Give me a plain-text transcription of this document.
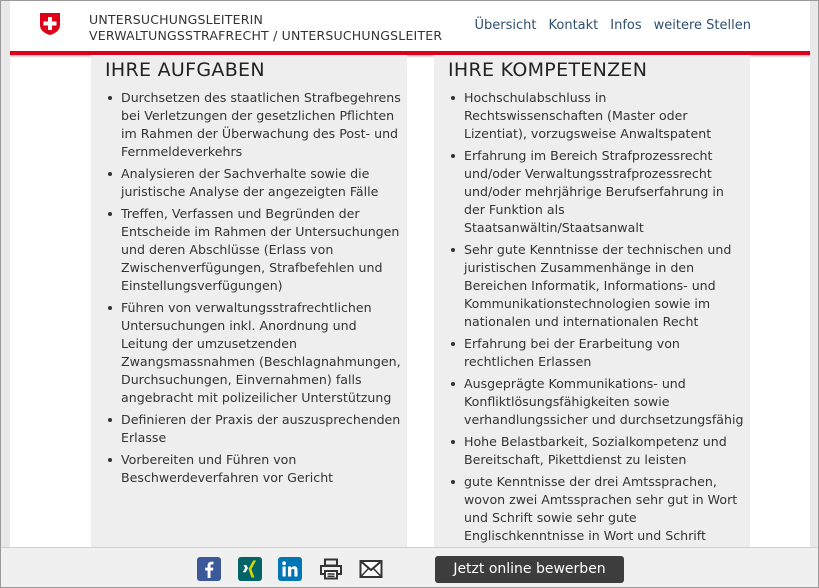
UNTERSUCHUNGSLEITERIN
VERWALTUNGSSTRAFRECHT / UNTERSUCHUNGSLEITER
Übersicht Kontakt Infos weitere Stellen
IHRE AUFGABEN
Durchsetzen des staatlichen Strafbegehrens bei Verletzungen der gesetzlichen Pflichten im Rahmen der Überwachung des Post- und Fernmeldeverkehrs
Analysieren der Sachverhalte sowie die juristische Analyse der angezeigten Fälle
Treffen, Verfassen und Begründen der Entscheide im Rahmen der Untersuchungen und deren Abschlüsse (Erlass von Zwischenverfügungen, Strafbefehlen und Einstellungsverfügungen)
Führen von verwaltungsstrafrechtlichen Untersuchungen inkl. Anordnung und Leitung der umzusetzenden Zwangsmassnahmen (Beschlagnahmungen, Durchsuchungen, Einvernahmen) falls angebracht mit polizeilicher Unterstützung
Definieren der Praxis der auszusprechenden Erlasse
Vorbereiten und Führen von Beschwerdeverfahren vor Gericht
IHRE KOMPETENZEN
Hochschulabschluss in Rechtswissenschaften (Master oder Lizentiat), vorzugsweise Anwaltspatent
Erfahrung im Bereich Strafprozessrecht und/oder Verwaltungsstrafprozessrecht und/oder mehrjährige Berufserfahrung in der Funktion als Staatsanwältin/Staatsanwalt
Sehr gute Kenntnisse der technischen und juristischen Zusammenhänge in den Bereichen Informatik, Informations- und Kommunikationstechnologien sowie im nationalen und internationalen Recht
Erfahrung bei der Erarbeitung von rechtlichen Erlassen
Ausgeprägte Kommunikations- und Konfliktlösungsfähigkeiten sowie verhandlungssicher und durchsetzungsfähig
Hohe Belastbarkeit, Sozialkompetenz und Bereitschaft, Pikettdienst zu leisten
gute Kenntnisse der drei Amtssprachen, wovon zwei Amtssprachen sehr gut in Wort und Schrift sowie sehr gute Englischkenntnisse in Wort und Schrift
Jetzt online bewerben
